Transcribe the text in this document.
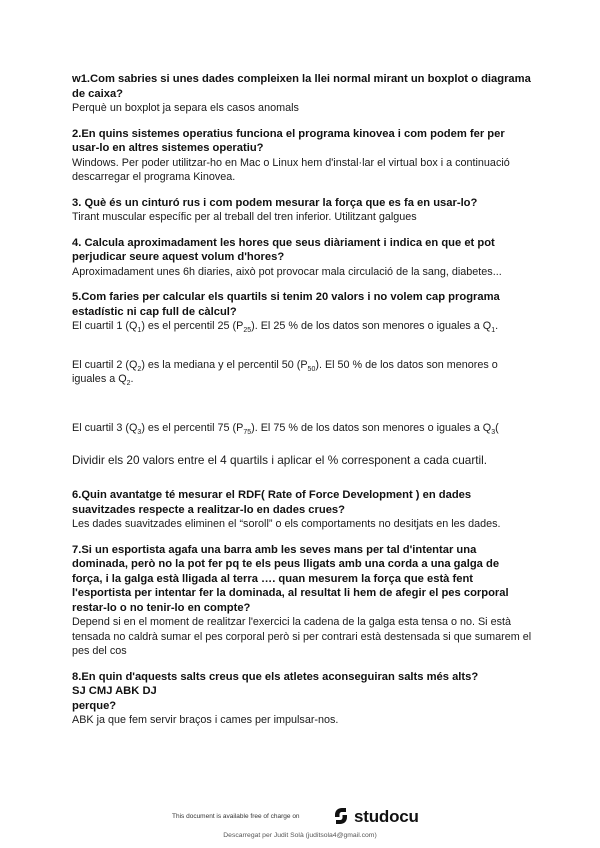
w1.Com sabries si unes dades compleixen la llei normal mirant un boxplot o diagrama de caixa?

Perquè un boxplot ja separa els casos anomals

2.En quins sistemes operatius funciona el programa kinovea i com podem fer per usar-lo en altres sistemes operatiu?

Windows. Per poder utilitzar-ho en Mac o Linux hem d'instal·lar el virtual box i a continuació descarregar el programa Kinovea.

3. Què és un cinturó rus i com podem mesurar la força que es fa en usar-lo?

Tirant muscular específic per al treball del tren inferior. Utilitzant galgues

4. Calcula aproximadament les hores que seus diàriament i indica en que et pot perjudicar seure aquest volum d'hores?

Aproximadament unes 6h diaries, això pot provocar mala circulació de la sang, diabetes...

5.Com faries per calcular els quartils si tenim 20 valors i no volem cap programa estadístic ni cap full de càlcul?

El cuartil 1 $(Q_1)$ es el percentil 25 $(P_{25})$. El 25 % de los datos son menores o iguales a $Q_1$.

El cuartil 2 $(Q_2)$ es la mediana y el percentil 50 $(P_{50})$. El 50 % de los datos son menores o iguales a $Q_2$.

El cuartil 3 $(Q_3)$ es el percentil 75 $(P_{75})$. El 75 % de los datos son menores o iguales a $Q_3$(

Dividir els 20 valors entre el 4 quartils i aplicar el % corresponent a cada cuartil.

6.Quin avantatge té mesurar el RDF( Rate of Force Development ) en dades suavitzades respecte a realitzar-lo en dades crues?

Les dades suavitzades eliminen el “soroll” o els comportaments no desitjats en les dades.

7.Si un esportista agafa una barra amb les seves mans per tal d'intentar una dominada, però no la pot fer pq te els peus lligats amb una corda a una galga de força, i la galga està lligada al terra …. quan mesurem la força que està fent l'esportista per intentar fer la dominada, al resultat li hem de afegir el pes corporal restar-lo o no tenir-lo en compte?

Depend si en el moment de realitzar l'exercici la cadena de la galga esta tensa o no. Si està tensada no caldrà sumar el pes corporal però si per contrari està destensada si que sumarem el pes del cos

8.En quin d'aquests salts creus que els atletes aconseguiran salts més alts?

SJ CMJ ABK DJ

perque?

ABK ja que fem servir braços i cames per impulsar-nos.

This document is available free of charge on	studocu
Descarregat per Judit Solà (juditsola4@gmail.com)
